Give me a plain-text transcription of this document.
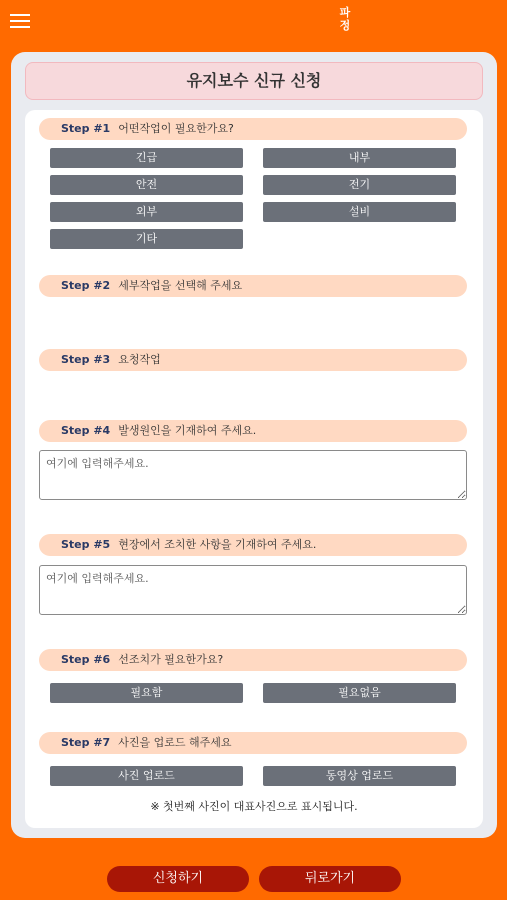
파
정
유지보수 신규 신청
Step #1 어떤작업이 필요한가요?
긴급	내부
안전	전기
외부	설비
기타
Step #2 세부작업을 선택해 주세요
Step #3 요청작업
Step #4 발생원인을 기재하여 주세요.
여기에 입력해주세요.
Step #5 현장에서 조치한 사항을 기재하여 주세요.
여기에 입력해주세요.
Step #6 선조치가 필요한가요?
필요함	필요없음
Step #7 사진을 업로드 해주세요
사진 업로드	동영상 업로드
※ 첫번째 사진이 대표사진으로 표시됩니다.
신청하기	뒤로가기
